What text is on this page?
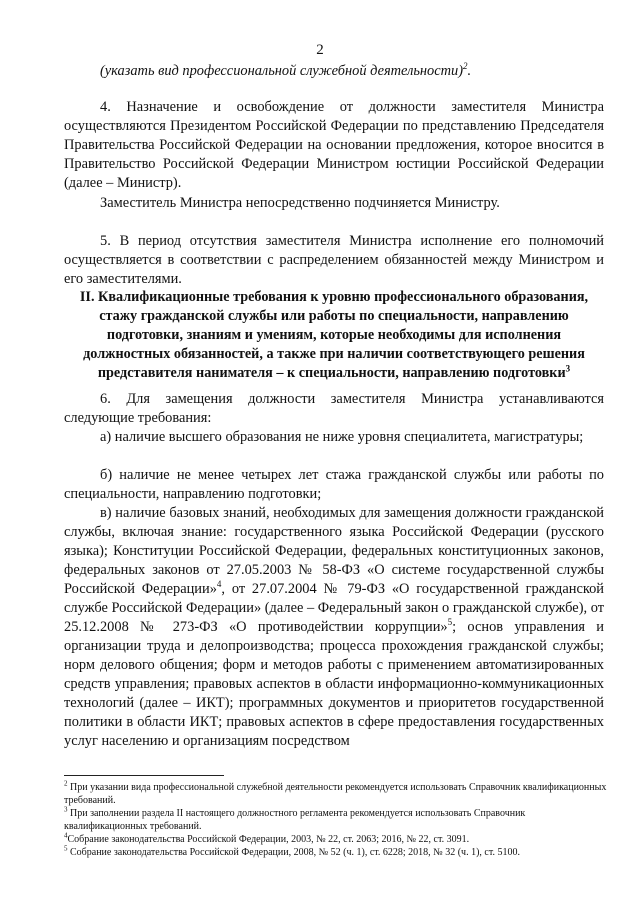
2
(указать вид профессиональной служебной деятельности)$^2$.
4. Назначение и освобождение от должности заместителя Министра осуществляются Президентом Российской Федерации по представлению Председателя Правительства Российской Федерации на основании предложения, которое вносится в Правительство Российской Федерации Министром юстиции Российской Федерации (далее – Министр).
Заместитель Министра непосредственно подчиняется Министру.
5. В период отсутствия заместителя Министра исполнение его полномочий осуществляется в соответствии с распределением обязанностей между Министром и его заместителями.
II. Квалификационные требования к уровню профессионального образования, стажу гражданской службы или работы по специальности, направлению подготовки, знаниям и умениям, которые необходимы для исполнения должностных обязанностей, а также при наличии соответствующего решения представителя нанимателя – к специальности, направлению подготовки$^3$
6. Для замещения должности заместителя Министра устанавливаются следующие требования:
а) наличие высшего образования не ниже уровня специалитета, магистратуры;
б) наличие не менее четырех лет стажа гражданской службы или работы по специальности, направлению подготовки;
в) наличие базовых знаний, необходимых для замещения должности гражданской службы, включая знание: государственного языка Российской Федерации (русского языка); Конституции Российской Федерации, федеральных конституционных законов, федеральных законов от 27.05.2003 № 58-ФЗ «О системе государственной службы Российской Федерации»$^4$, от 27.07.2004 № 79-ФЗ «О государственной гражданской службе Российской Федерации» (далее – Федеральный закон о гражданской службе), от 25.12.2008 № 273-ФЗ «О противодействии коррупции»$^5$; основ управления и организации труда и делопроизводства; процесса прохождения гражданской службы; норм делового общения; форм и методов работы с применением автоматизированных средств управления; правовых аспектов в области информационно-коммуникационных технологий (далее – ИКТ); программных документов и приоритетов государственной политики в области ИКТ; правовых аспектов в сфере предоставления государственных услуг населению и организациям посредством
$^2$ При указании вида профессиональной служебной деятельности рекомендуется использовать Справочник квалификационных требований.
$^3$ При заполнении раздела II настоящего должностного регламента рекомендуется использовать Справочник квалификационных требований.
$^4$Собрание законодательства Российской Федерации, 2003, № 22, ст. 2063; 2016, № 22, ст. 3091.
$^5$ Собрание законодательства Российской Федерации, 2008, № 52 (ч. 1), ст. 6228; 2018, № 32 (ч. 1), ст. 5100.
